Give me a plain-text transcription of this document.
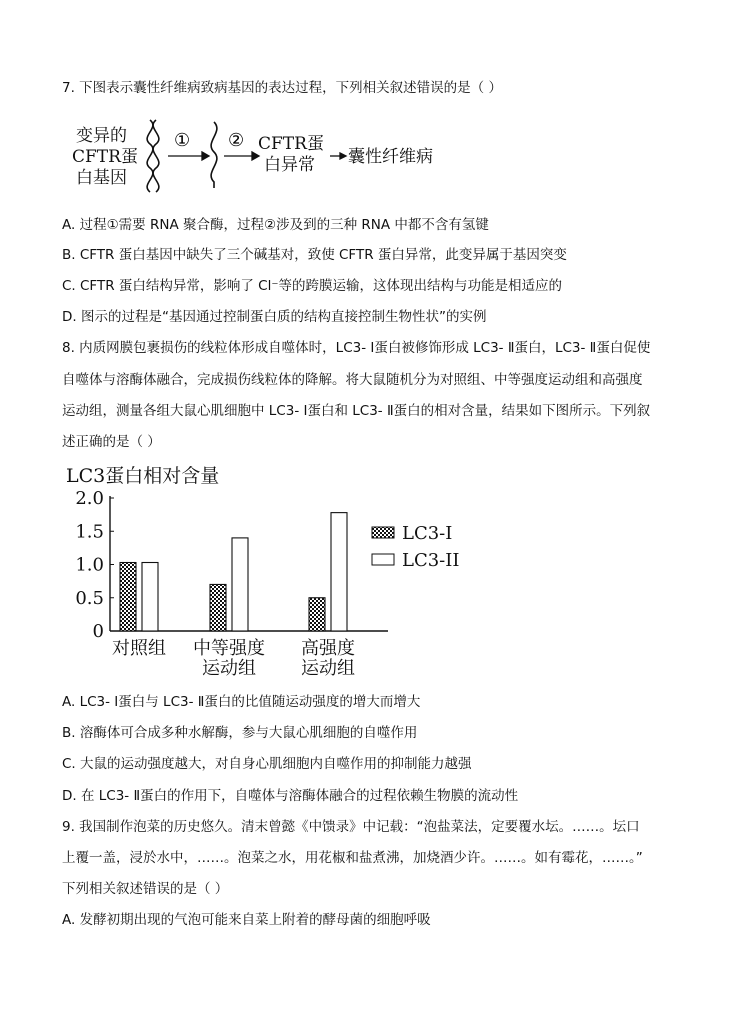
7. 下图表示囊性纤维病致病基因的表达过程，下列相关叙述错误的是（ ）
变异的
CFTR蛋
白基因
① ② CFTR蛋
白异常 囊性纤维病
A. 过程①需要 RNA 聚合酶，过程②涉及到的三种 RNA 中都不含有氢键
B. CFTR 蛋白基因中缺失了三个碱基对，致使 CFTR 蛋白异常，此变异属于基因突变
C. CFTR 蛋白结构异常，影响了 Cl⁻等的跨膜运输，这体现出结构与功能是相适应的
D. 图示的过程是“基因通过控制蛋白质的结构直接控制生物性状”的实例
8. 内质网膜包裹损伤的线粒体形成自噬体时，LC3- Ⅰ蛋白被修饰形成 LC3- Ⅱ蛋白，LC3- Ⅱ蛋白促使
自噬体与溶酶体融合，完成损伤线粒体的降解。将大鼠随机分为对照组、中等强度运动组和高强度
运动组，测量各组大鼠心肌细胞中 LC3- Ⅰ蛋白和 LC3- Ⅱ蛋白的相对含量，结果如下图所示。下列叙
述正确的是（ ）
LC3蛋白相对含量
0
0.5
1.0
1.5
2.0
对照组 中等强度
运动组
高强度
运动组
LC3-I
LC3-II
A. LC3- Ⅰ蛋白与 LC3- Ⅱ蛋白的比值随运动强度的增大而增大
B. 溶酶体可合成多种水解酶，参与大鼠心肌细胞的自噬作用
C. 大鼠的运动强度越大，对自身心肌细胞内自噬作用的抑制能力越强
D. 在 LC3- Ⅱ蛋白的作用下，自噬体与溶酶体融合的过程依赖生物膜的流动性
9. 我国制作泡菜的历史悠久。清末曾懿《中馈录》中记载：“泡盐菜法，定要覆水坛。……。坛口
上覆一盖，浸於水中，……。泡菜之水，用花椒和盐煮沸，加烧酒少许。……。如有霉花，……。”
下列相关叙述错误的是（ ）
A. 发酵初期出现的气泡可能来自菜上附着的酵母菌的细胞呼吸
